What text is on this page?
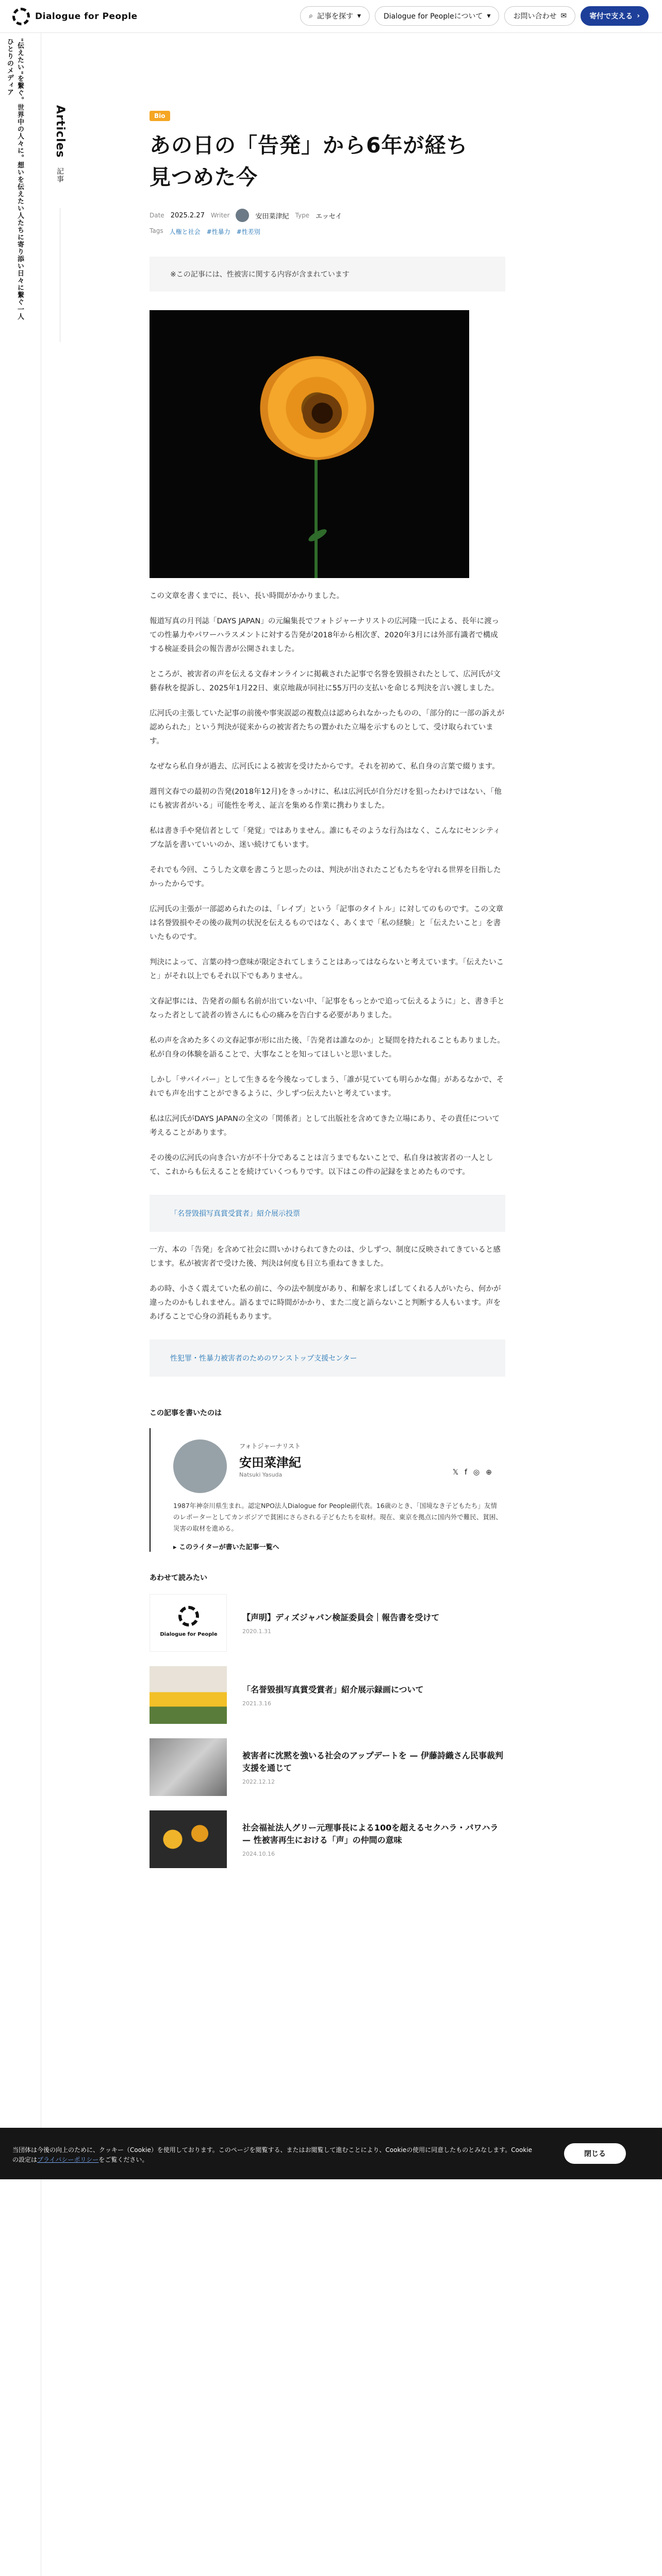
Dialogue for People	⌕ 記事を探す ▾	Dialogue for Peopleについて ▾	お問い合わせ ✉	寄付で支える ›
"伝えたい"を繋ぐ。世界中の人々に。想いを伝えたい人たちに寄り添い日々に繋ぐ一人ひとりのメディア
Articles 記事
Bio
あの日の「告発」から6年が経ち見つめた今
Date 2025.2.27 Writer	安田菜津紀 Type エッセイ
Tags 人権と社会　#性暴力　#性差別
※この記事には、性被害に関する内容が含まれています

この文章を書くまでに、長い、長い時間がかかりました。

報道写真の月刊誌「DAYS JAPAN」の元編集長でフォトジャーナリストの広河隆一氏による、長年に渡っての性暴力やパワーハラスメントに対する告発が2018年から相次ぎ、2020年3月には外部有識者で構成する検証委員会の報告書が公開されました。

ところが、被害者の声を伝える文春オンラインに掲載された記事で名誉を毀損されたとして、広河氏が文藝春秋を提訴し、2025年1月22日、東京地裁が同社に55万円の支払いを命じる判決を言い渡しました。

広河氏の主張していた記事の前後や事実誤認の複数点は認められなかったものの、「部分的に一部の訴えが認められた」という判決が従来からの被害者たちの置かれた立場を示すものとして、受け取られています。

なぜなら私自身が過去、広河氏による被害を受けたからです。それを初めて、私自身の言葉で綴ります。

週刊文春での最初の告発(2018年12月)をきっかけに、私は広河氏が自分だけを狙ったわけではない、「他にも被害者がいる」可能性を考え、証言を集める作業に携わりました。

私は書き手や発信者として「発覚」ではありません。誰にもそのような行為はなく、こんなにセンシティブな話を書いていいのか、迷い続けてもいます。

それでも今回、こうした文章を書こうと思ったのは、判決が出されたこどもたちを守れる世界を目指したかったからです。

広河氏の主張が一部認められたのは、「レイプ」という「記事のタイトル」に対してのものです。この文章は名誉毀損やその後の裁判の状況を伝えるものではなく、あくまで「私の経験」と「伝えたいこと」を書いたものです。

判決によって、言葉の持つ意味が限定されてしまうことはあってはならないと考えています。「伝えたいこと」がそれ以上でもそれ以下でもありません。

文春記事には、告発者の顔も名前が出ていない中、「記事をもっとかで追って伝えるように」と、書き手となった者として読者の皆さんにも心の痛みを告白する必要がありました。

私の声を含めた多くの文春記事が形に出た後、「告発者は誰なのか」と疑問を持たれることもありました。私が自身の体験を語ることで、大事なことを知ってほしいと思いました。

しかし「サバイバー」として生きるを今後なってしまう、「誰が見ていても明らかな傷」があるなかで、それでも声を出すことができるように、少しずつ伝えたいと考えています。

私は広河氏がDAYS JAPANの全文の「関係者」として出版社を含めてきた立場にあり、その責任について考えることがあります。

その後の広河氏の向き合い方が不十分であることは言うまでもないことで、私自身は被害者の一人として、これからも伝えることを続けていくつもりです。以下はこの件の記録をまとめたものです。

「名誉毀損写真賞受賞者」紹介展示投票

一方、本の「告発」を含めて社会に問いかけられてきたのは、少しずつ、制度に反映されてきていると感じます。私が被害者で受けた後、判決は何度も目立ち重ねてきました。

あの時、小さく震えていた私の前に、今の法や制度があり、和解を求しばしてくれる人がいたら、何かが違ったのかもしれません。語るまでに時間がかかり、また二度と語らないこと判断する人もいます。声をあげることで心身の消耗もあります。

性犯罪・性暴力被害者のためのワンストップ支援センター
この記事を書いたのは
フォトジャーナリスト
安田菜津紀
Natsuki Yasuda	𝕏 f ◎ ⊕
1987年神奈川県生まれ。認定NPO法人Dialogue for People副代表。16歳のとき、「国境なき子どもたち」友情のレポーターとしてカンボジアで貧困にさらされる子どもたちを取材。現在、東京を拠点に国内外で難民、貧困、災害の取材を進める。
▸ このライターが書いた記事一覧へ
あわせて読みたい
Dialogue for People
【声明】ディズジャパン検証委員会｜報告書を受けて
2020.1.31
「名誉毀損写真賞受賞者」紹介展示録画について
2021.3.16
被害者に沈黙を強いる社会のアップデートを — 伊藤詩織さん民事裁判支援を通じて
2022.12.12
社会福祉法人グリー元理事長による100を超えるセクハラ・パワハラ — 性被害再生における「声」の仲間の意味
2024.10.16
当団体は今後の向上のために、クッキー（Cookie）を使用しております。このページを閲覧する、またはお閲覧して進むことにより、Cookieの使用に同意したものとみなします。Cookieの設定はプライバシーポリシーをご覧ください。
閉じる
